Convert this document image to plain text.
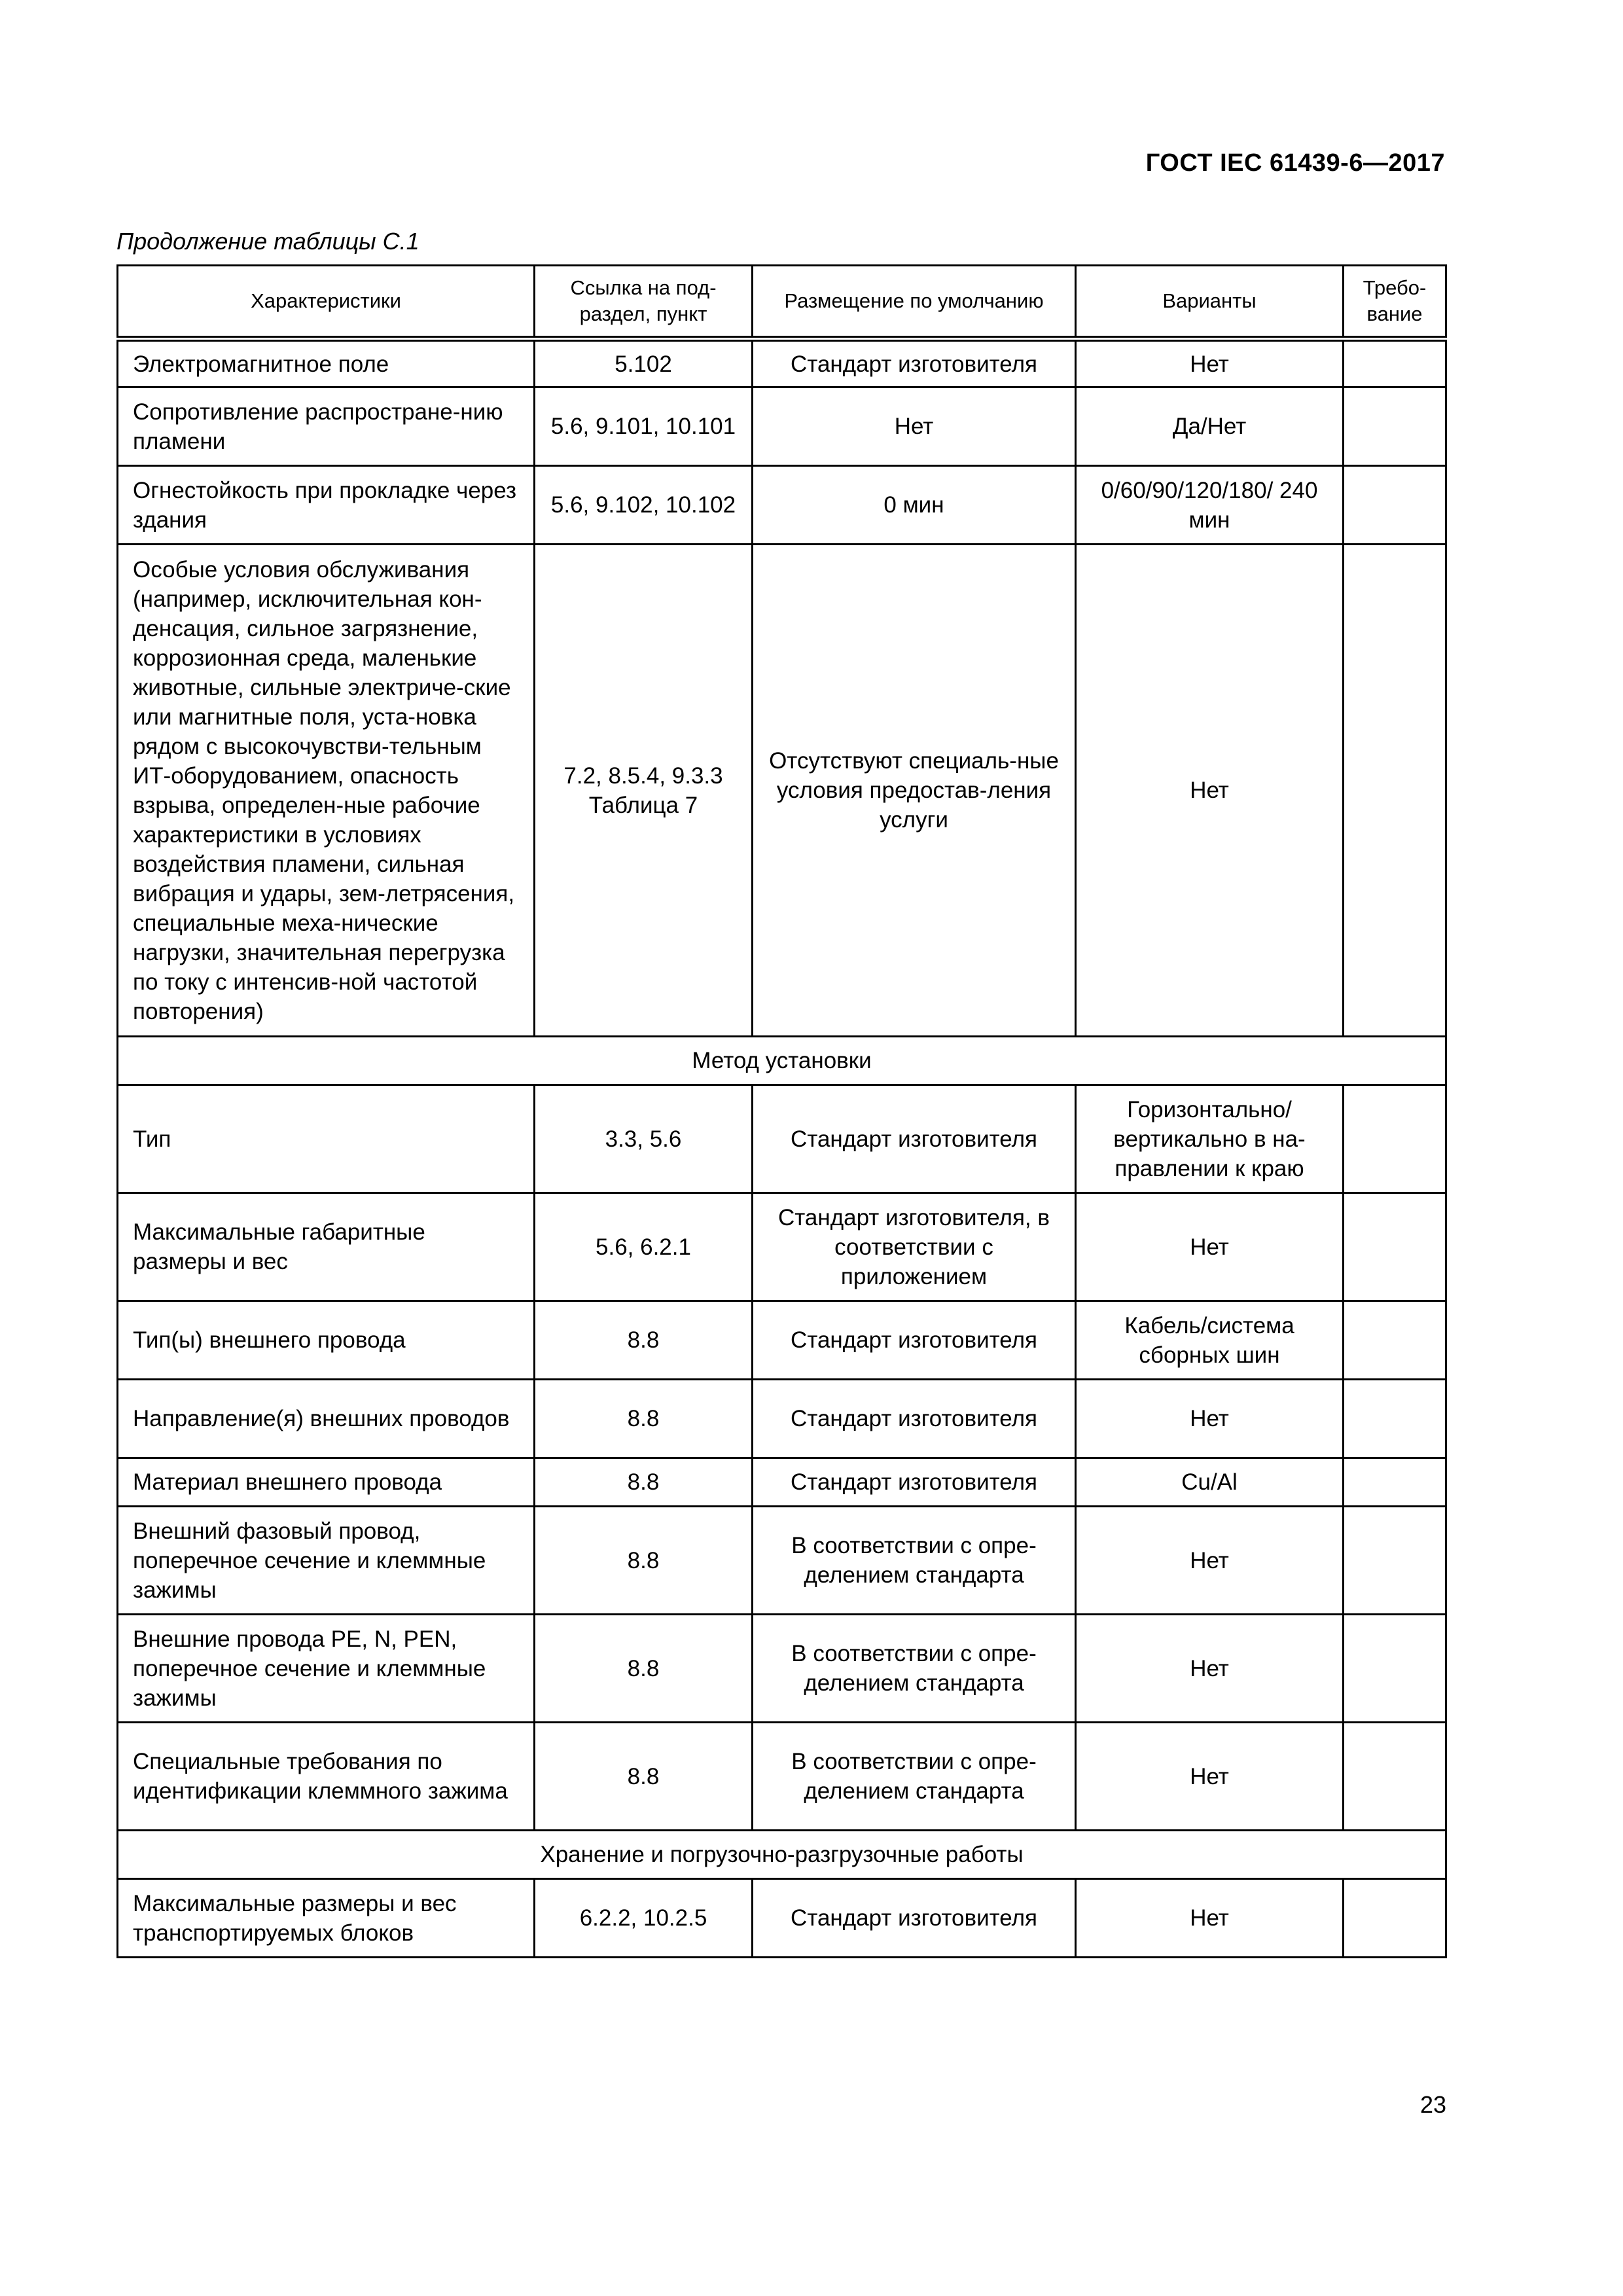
ГОСТ IEC 61439-6—2017
Продолжение таблицы С.1
Характеристики	Ссылка на под-раздел, пункт	Размещение по умолчанию	Варианты	Требо-вание
Электромагнитное поле	5.102	Стандарт изготовителя	Нет	
Сопротивление распростране-нию пламени	5.6, 9.101, 10.101	Нет	Да/Нет	
Огнестойкость при прокладке через здания	5.6, 9.102, 10.102	0 мин	0/60/90/120/180/ 240 мин	
Особые условия обслуживания (например, исключительная кон-денсация, сильное загрязнение, коррозионная среда, маленькие животные, сильные электриче-ские или магнитные поля, уста-новка рядом с высокочувстви-тельным ИТ-оборудованием, опасность взрыва, определен-ные рабочие характеристики в условиях воздействия пламени, сильная вибрация и удары, зем-летрясения, специальные меха-нические нагрузки, значительная перегрузка по току с интенсив-ной частотой повторения)	7.2, 8.5.4, 9.3.3 Таблица 7	Отсутствуют специаль-ные условия предостав-ления услуги	Нет	
Метод установки				
Тип	3.3, 5.6	Стандарт изготовителя	Горизонтально/ вертикально в на-правлении к краю	
Максимальные габаритные размеры и вес	5.6, 6.2.1	Стандарт изготовителя, в соответствии с приложением	Нет	
Тип(ы) внешнего провода	8.8	Стандарт изготовителя	Кабель/система сборных шин	
Направление(я) внешних проводов	8.8	Стандарт изготовителя	Нет	
Материал внешнего провода	8.8	Стандарт изготовителя	Cu/Al	
Внешний фазовый провод, поперечное сечение и клеммные зажимы	8.8	В соответствии с опре-делением стандарта	Нет	
Внешние провода PE, N, PEN, поперечное сечение и клеммные зажимы	8.8	В соответствии с опре-делением стандарта	Нет	
Специальные требования по идентификации клеммного зажима	8.8	В соответствии с опре-делением стандарта	Нет	
Хранение и погрузочно-разгрузочные работы				
Максимальные размеры и вес транспортируемых блоков	6.2.2, 10.2.5	Стандарт изготовителя	Нет	
23
